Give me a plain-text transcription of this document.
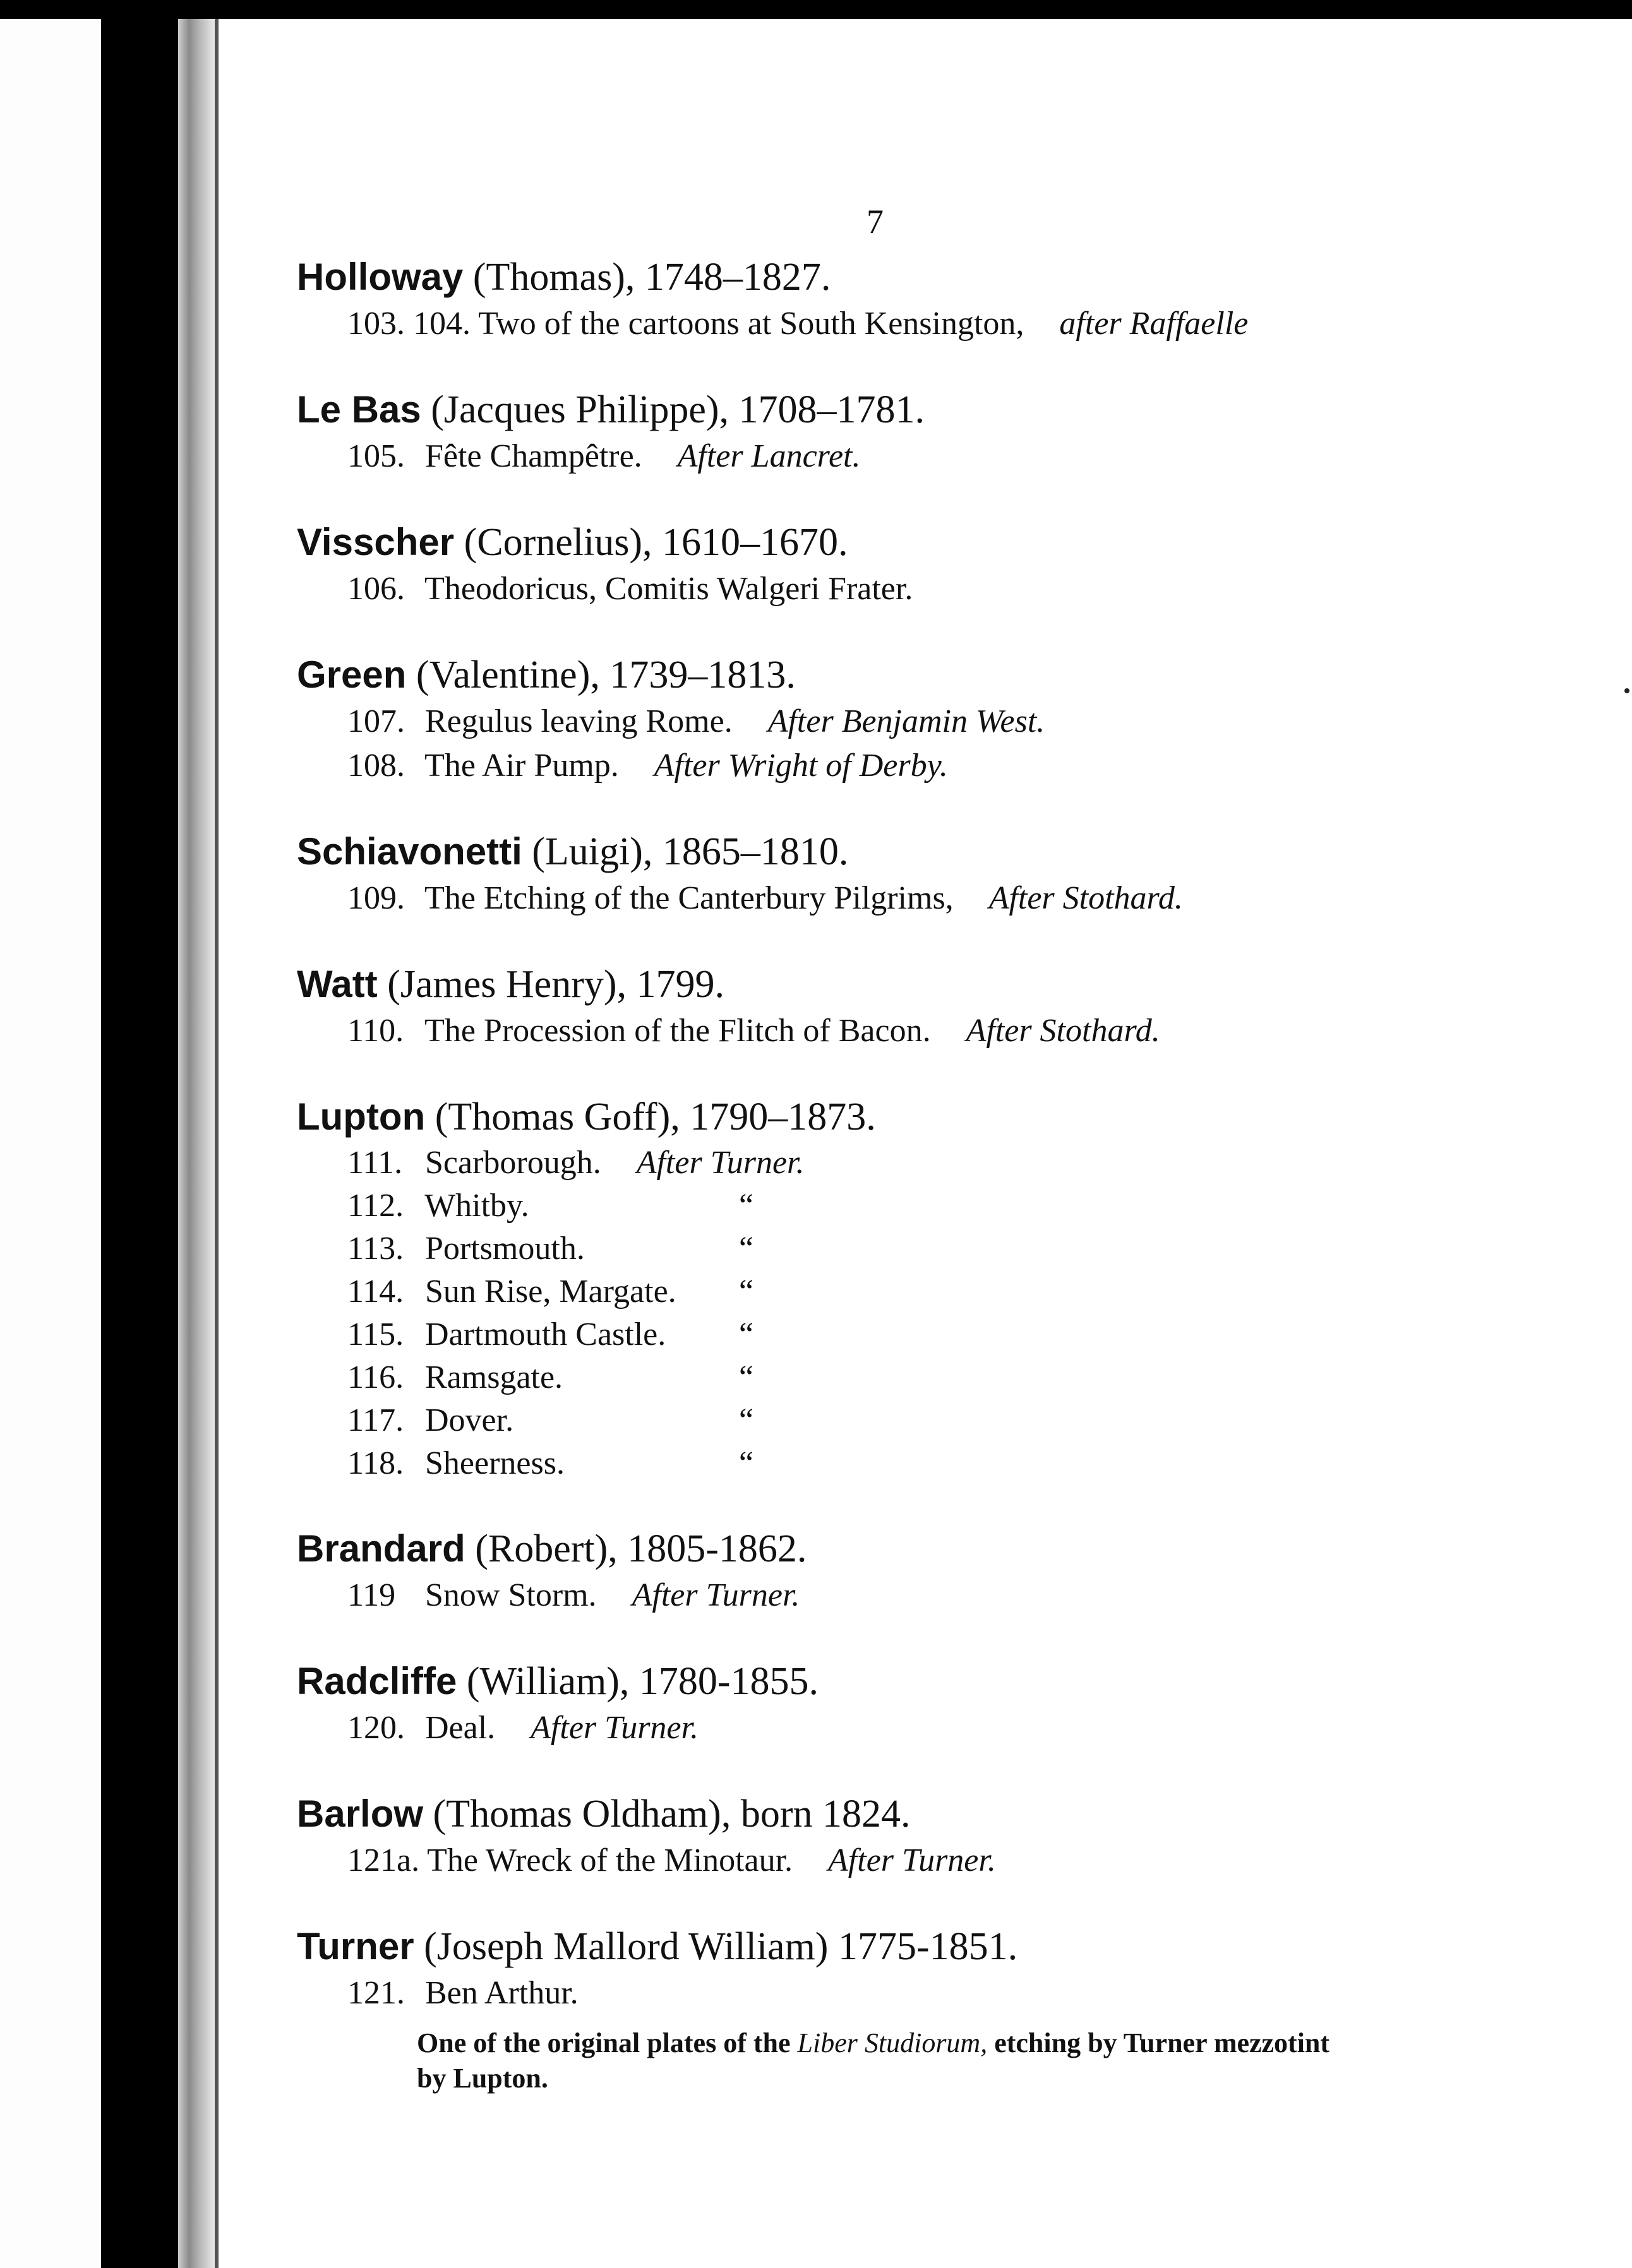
7
Holloway (Thomas), 1748–1827.
103. 104. Two of the cartoons at South Kensington, after Raffaelle
Le Bas (Jacques Philippe), 1708–1781.
105. Fête Champêtre. After Lancret.
Visscher (Cornelius), 1610–1670.
106. Theodoricus, Comitis Walgeri Frater.
Green (Valentine), 1739–1813.
107. Regulus leaving Rome. After Benjamin West.
108. The Air Pump. After Wright of Derby.
Schiavonetti (Luigi), 1865–1810.
109. The Etching of the Canterbury Pilgrims, After Stothard.
Watt (James Henry), 1799.
110. The Procession of the Flitch of Bacon. After Stothard.
Lupton (Thomas Goff), 1790–1873.
111. Scarborough. After Turner.
112. Whitby.	“
113. Portsmouth.	“
114. Sun Rise, Margate. “
115. Dartmouth Castle. “
116. Ramsgate.	“
117. Dover.	“
118. Sheerness.	“
Brandard (Robert), 1805-1862.
119 Snow Storm. After Turner.
Radcliffe (William), 1780-1855.
120. Deal. After Turner.
Barlow (Thomas Oldham), born 1824.
121a. The Wreck of the Minotaur. After Turner.
Turner (Joseph Mallord William) 1775-1851.
121. Ben Arthur.
One of the original plates of the Liber Studiorum, etching by Turner mezzotint by Lupton.
